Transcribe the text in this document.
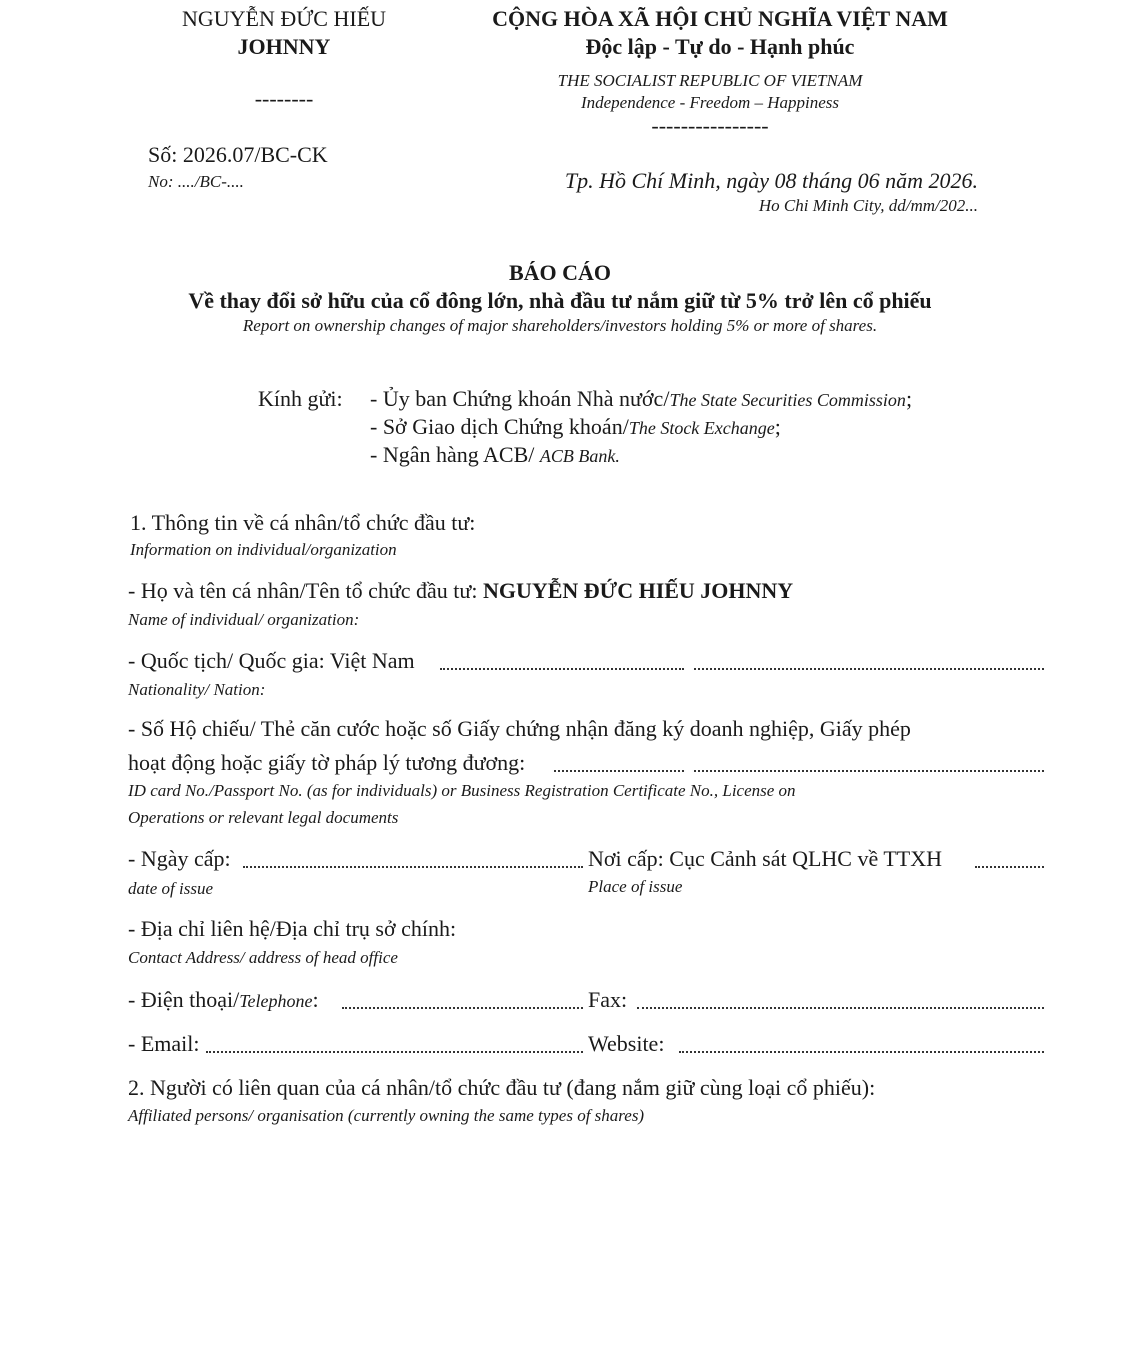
NGUYỄN ĐỨC HIẾU
JOHNNY
--------
Số: 2026.07/BC-CK
No: ..../BC-....
CỘNG HÒA XÃ HỘI CHỦ NGHĨA VIỆT NAM
Độc lập - Tự do - Hạnh phúc
THE SOCIALIST REPUBLIC OF VIETNAM
Independence - Freedom – Happiness
----------------
Tp. Hồ Chí Minh, ngày 08 tháng 06 năm 2026.
Ho Chi Minh City, dd/mm/202...
BÁO CÁO
Về thay đổi sở hữu của cổ đông lớn, nhà đầu tư nắm giữ từ 5% trở lên cổ phiếu
Report on ownership changes of major shareholders/investors holding 5% or more of shares.
Kính gửi: - Ủy ban Chứng khoán Nhà nước/The State Securities Commission;
- Sở Giao dịch Chứng khoán/The Stock Exchange;
- Ngân hàng ACB/ ACB Bank.
1. Thông tin về cá nhân/tổ chức đầu tư:
Information on individual/organization
- Họ và tên cá nhân/Tên tổ chức đầu tư: NGUYỄN ĐỨC HIẾU JOHNNY
Name of individual/ organization:
- Quốc tịch/ Quốc gia: Việt Nam
Nationality/ Nation:
- Số Hộ chiếu/ Thẻ căn cước hoặc số Giấy chứng nhận đăng ký doanh nghiệp, Giấy phép
hoạt động hoặc giấy tờ pháp lý tương đương:
ID card No./Passport No. (as for individuals) or Business Registration Certificate No., License on
Operations or relevant legal documents
- Ngày cấp:	Nơi cấp: Cục Cảnh sát QLHC về TTXH
date of issue	Place of issue
- Địa chỉ liên hệ/Địa chỉ trụ sở chính:
Contact Address/ address of head office
- Điện thoại/Telephone:	Fax:
- Email:	Website:
2. Người có liên quan của cá nhân/tổ chức đầu tư (đang nắm giữ cùng loại cổ phiếu):
Affiliated persons/ organisation (currently owning the same types of shares)
